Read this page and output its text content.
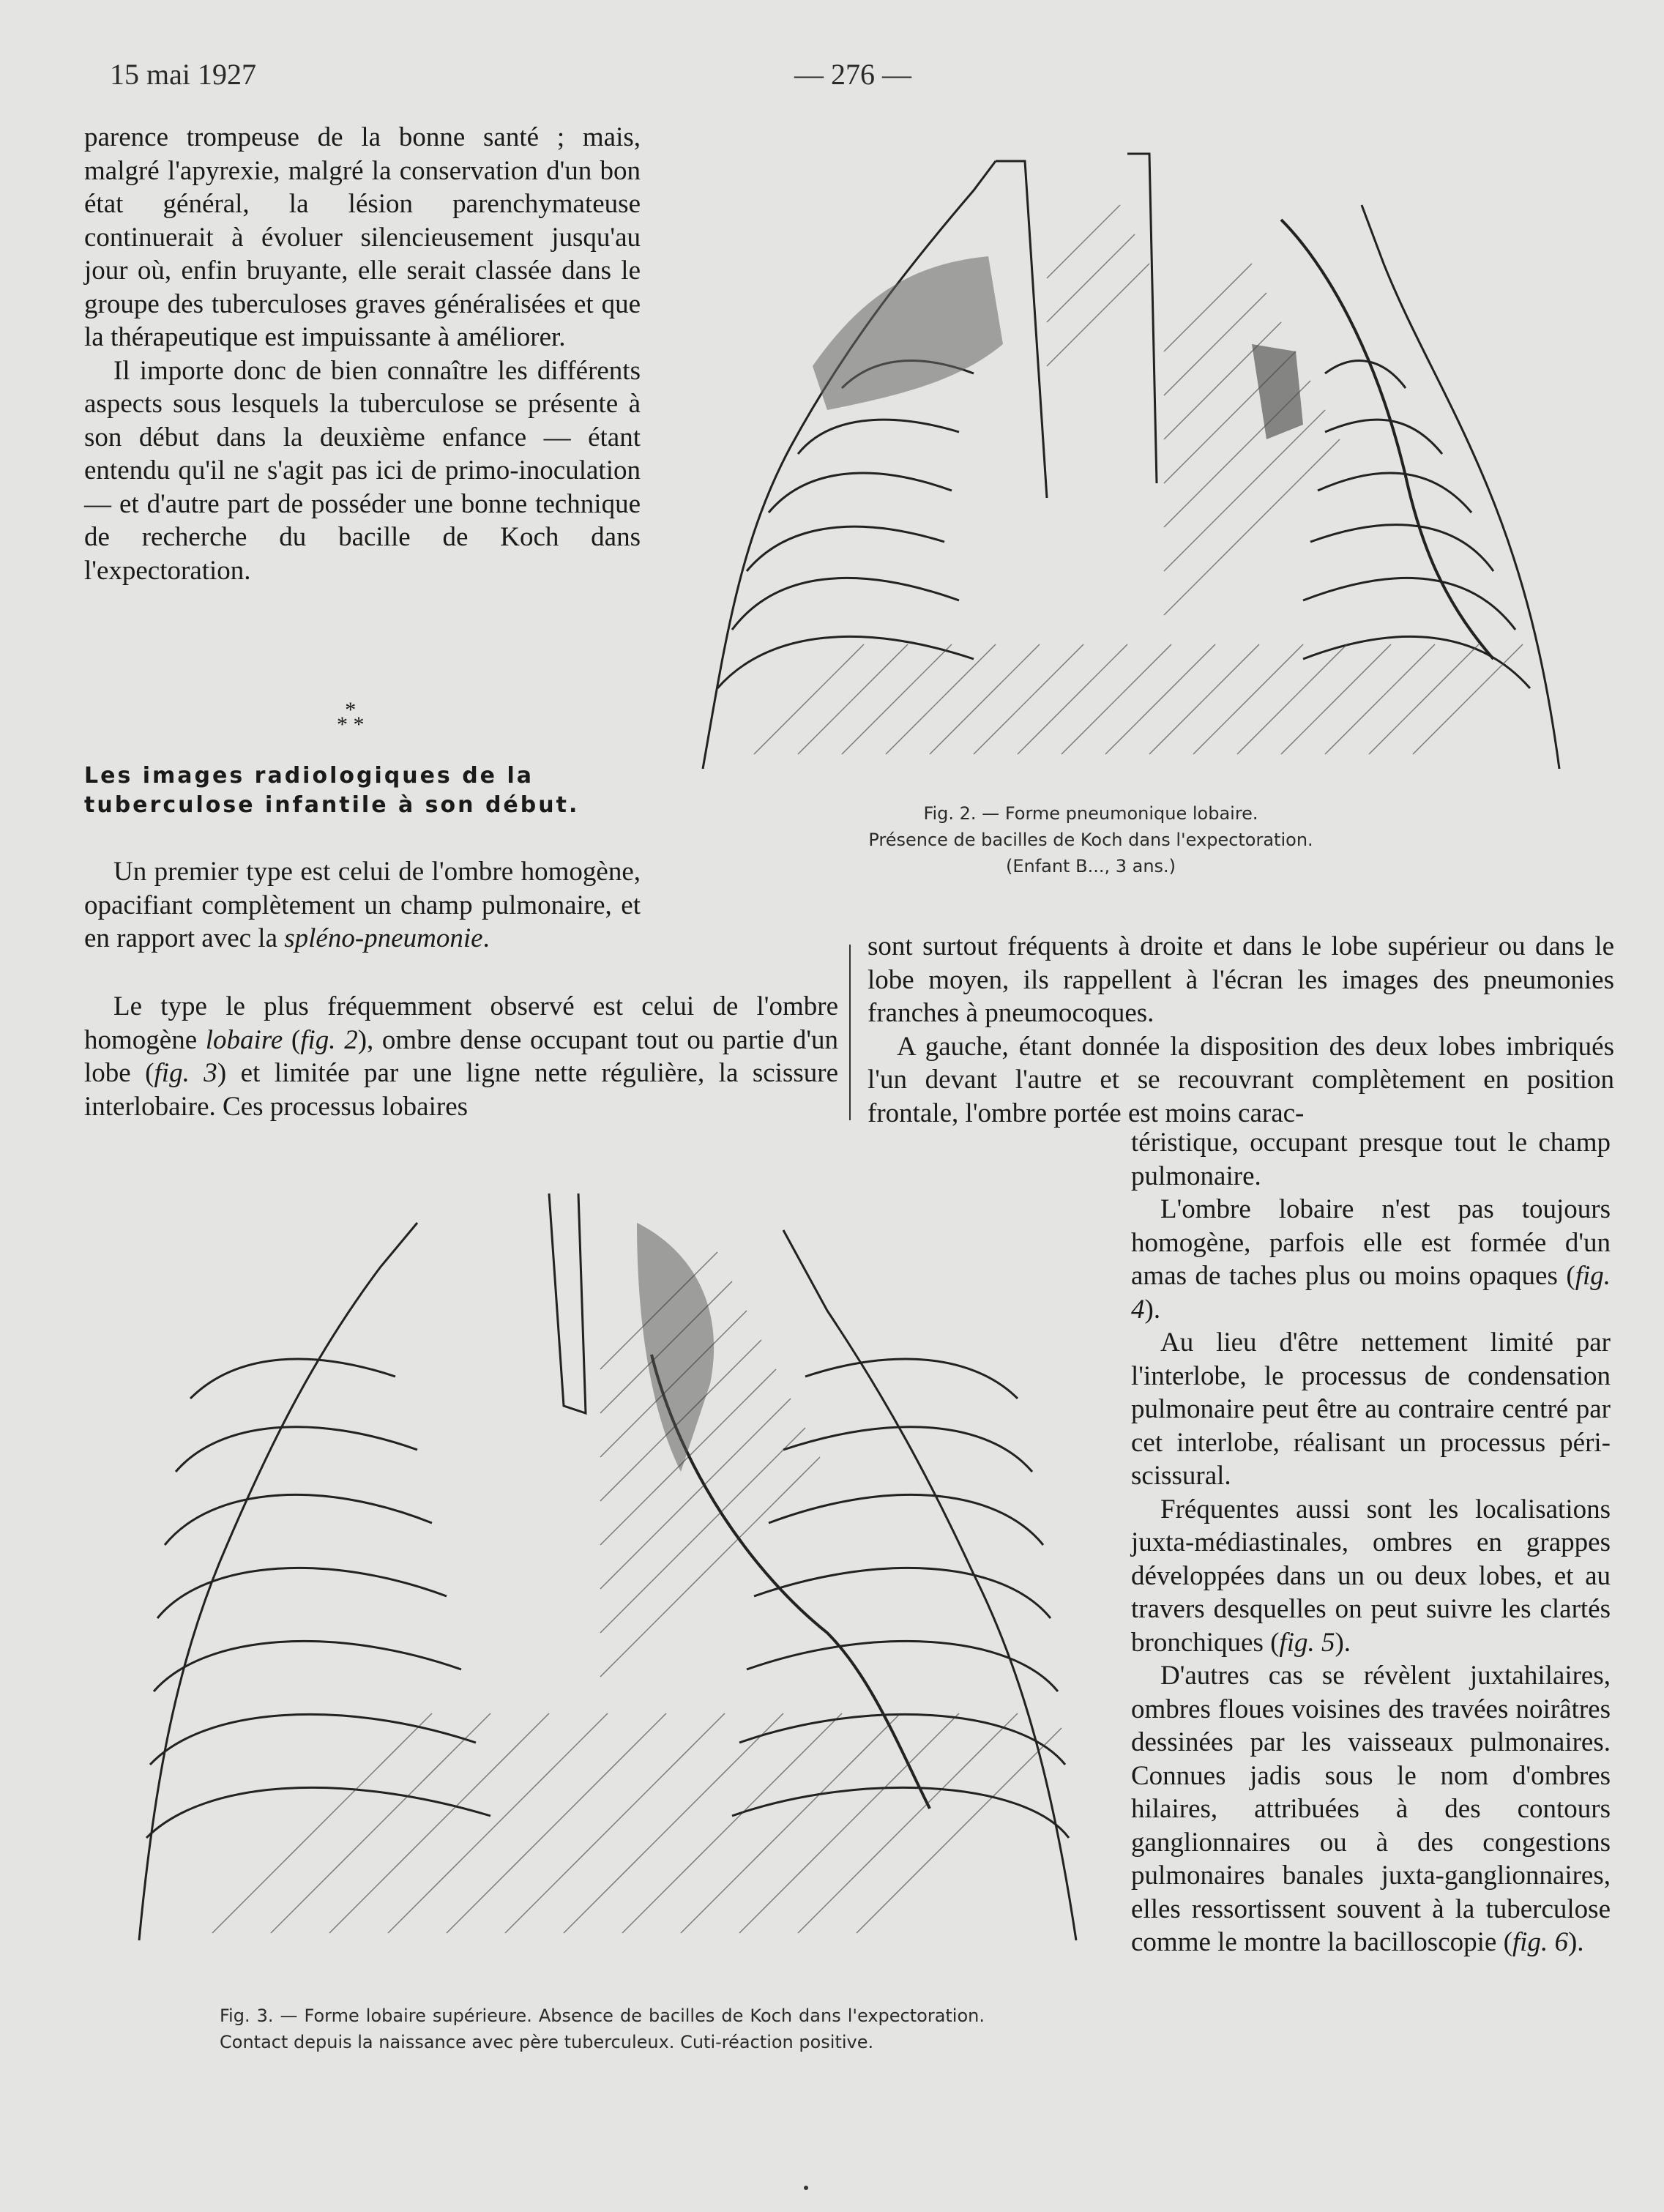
15 mai 1927	— 276 —

parence trompeuse de la bonne santé ; mais, malgré l'apyrexie, malgré la conservation d'un bon état général, la lésion parenchymateuse continuerait à évoluer silencieusement jusqu'au jour où, enfin bruyante, elle serait classée dans le groupe des tuberculoses graves généralisées et que la thérapeutique est impuissante à améliorer.

Il importe donc de bien connaître les différents aspects sous lesquels la tuberculose se présente à son début dans la deuxième enfance — étant entendu qu'il ne s'agit pas ici de primo-inoculation — et d'autre part de posséder une bonne technique de recherche du bacille de Koch dans l'expectoration.

*
* *
Les images radiologiques de la tuberculose infantile à son début.

Un premier type est celui de l'ombre homogène, opacifiant complètement un champ pulmonaire, et en rapport avec la spléno-pneumonie.

Le type le plus fréquemment observé est celui de l'ombre homogène lobaire (fig. 2), ombre dense occupant tout ou partie d'un lobe (fig. 3) et limitée par une ligne nette régulière, la scissure interlobaire. Ces processus lobaires

Fig. 2. — Forme pneumonique lobaire.
Présence de bacilles de Koch dans l'expectoration.
(Enfant B..., 3 ans.)

sont surtout fréquents à droite et dans le lobe supérieur ou dans le lobe moyen, ils rappellent à l'écran les images des pneumonies franches à pneumocoques.

A gauche, étant donnée la disposition des deux lobes imbriqués l'un devant l'autre et se recouvrant complètement en position frontale, l'ombre portée est moins carac-

téristique, occupant presque tout le champ pulmonaire.

L'ombre lobaire n'est pas toujours homogène, parfois elle est formée d'un amas de taches plus ou moins opaques (fig. 4).

Au lieu d'être nettement limité par l'interlobe, le processus de condensation pulmonaire peut être au contraire centré par cet interlobe, réalisant un processus péri-scissural.

Fréquentes aussi sont les localisations juxta-médiastinales, ombres en grappes développées dans un ou deux lobes, et au travers desquelles on peut suivre les clartés bronchiques (fig. 5).

D'autres cas se révèlent juxtahilaires, ombres floues voisines des travées noirâtres dessinées par les vaisseaux pulmonaires. Connues jadis sous le nom d'ombres hilaires, attribuées à des contours ganglionnaires ou à des congestions pulmonaires banales juxta-ganglionnaires, elles ressortissent souvent à la tuberculose comme le montre la bacilloscopie (fig. 6).

Fig. 3. — Forme lobaire supérieure. Absence de bacilles de Koch dans l'expectoration. Contact depuis la naissance avec père tuberculeux. Cuti-réaction positive.
